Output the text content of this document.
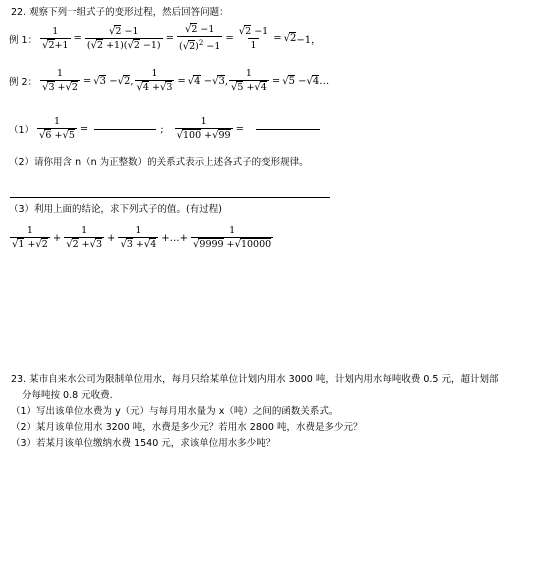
22. 观察下列一组式子的变形过程，然后回答问题：
例 1： $\frac{1}{√2+1} = \frac{√2 -1}{(√2 +1)(√2 -1)} = \frac{√2 -1}{(√2)^2 -1} = \frac{√2 -1}{1} = √2 -1$，
例 2： $\frac{1}{√3 +√2} = √3 -√2$, $\frac{1}{√4 +√3} = √4 -√3$, $\frac{1}{√5 +√4} = √5 -√4$ …
$(1) \frac{1}{√6 +√5}$ =	; $\frac{1}{√100 +√99}$ =
（2）请你用含 n（n 为正整数）的关系式表示上述各式子的变形规律。
（3）利用上面的结论，求下列式子的值。(有过程)
$\frac{1}{√1 +√2} + \frac{1}{√2 +√3} + \frac{1}{√3 +√4}$ +…+ $\frac{1}{√9999 +√10000}$
23. 某市自来水公司为限制单位用水，每月只给某单位计划内用水 3000 吨，计划内用水每吨收费 0.5 元，超计划部
分每吨按 0.8 元收费.
（1）写出该单位水费为 y（元）与每月用水量为 x（吨）之间的函数关系式。
（2）某月该单位用水 3200 吨，水费是多少元？若用水 2800 吨，水费是多少元？
（3）若某月该单位缴纳水费 1540 元，求该单位用水多少吨？
